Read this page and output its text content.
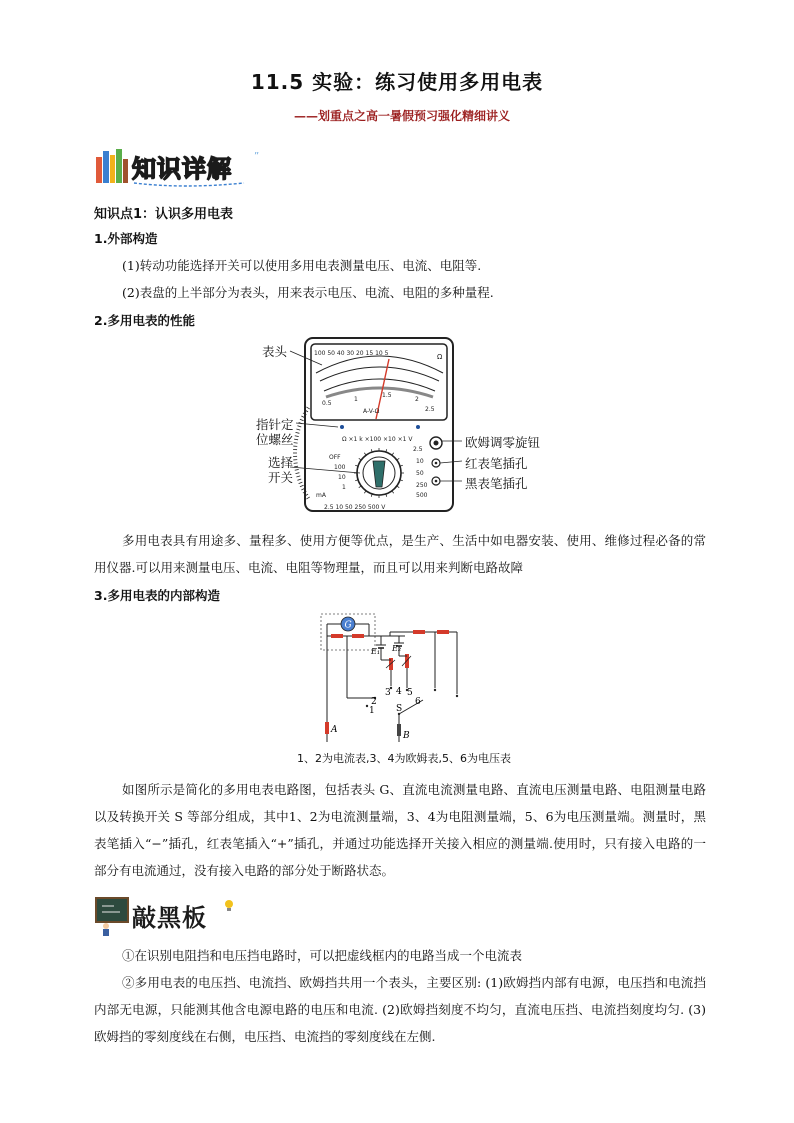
11.5 实验：练习使用多用电表
——划重点之高一暑假预习强化精细讲义
”
知识详解
知识点1：认识多用电表
1.外部构造
(1)转动功能选择开关可以使用多用电表测量电压、电流、电阻等.
(2)表盘的上半部分为表头，用来表示电压、电流、电阻的多种量程.
2.多用电表的性能
100 50 40 30 20 15 10 5	Ω
A-V-Ω
0.5
1
1.5
2
2.5
Ω ×1 k ×100 ×10 ×1 V
OFF
100
10
1
2.5
10
50
250
500
mA
2.5 10 50 250 500 V
表头
指针定
位螺丝
选择
开关
欧姆调零旋钮
红表笔插孔
黑表笔插孔
多用电表具有用途多、量程多、使用方便等优点，是生产、生活中如电器安装、使用、维修过程必备的常用仪器.可以用来测量电压、电流、电阻等物理量，而且可以用来判断电路故障
3.多用电表的内部构造
G
E₁ E₂
2
1
3 4 5
6
S
A
B
1、2为电流表,3、4为欧姆表,5、6为电压表
如图所示是简化的多用电表电路图，包括表头 G、直流电流测量电路、直流电压测量电路、电阻测量电路以及转换开关 S 等部分组成，其中1、2为电流测量端，3、4为电阻测量端，5、6为电压测量端。测量时，黑表笔插入“−”插孔，红表笔插入“+”插孔，并通过功能选择开关接入相应的测量端.使用时，只有接入电路的一部分有电流通过，没有接入电路的部分处于断路状态。
敲黑板
①在识别电阻挡和电压挡电路时，可以把虚线框内的电路当成一个电流表
②多用电表的电压挡、电流挡、欧姆挡共用一个表头，主要区别: (1)欧姆挡内部有电源，电压挡和电流挡内部无电源，只能测其他含电源电路的电压和电流. (2)欧姆挡刻度不均匀，直流电压挡、电流挡刻度均匀. (3)欧姆挡的零刻度线在右侧，电压挡、电流挡的零刻度线在左侧.
